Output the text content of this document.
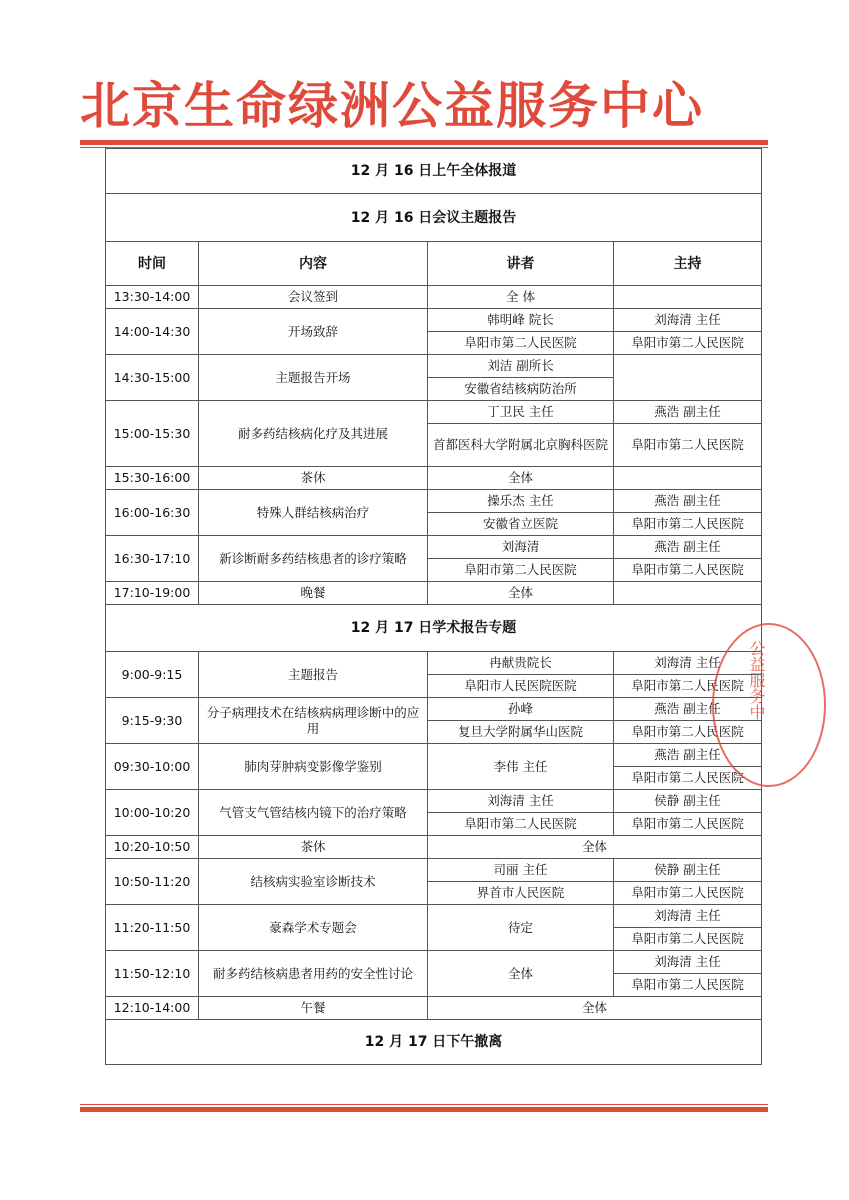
北京生命绿洲公益服务中心
12 月 16 日上午全体报道			
12 月 16 日会议主题报告			
时间	内容	讲者	主持
13:30-14:00	会议签到	全 体	
14:00-14:30	开场致辞	韩明峰 院长	刘海清 主任
		阜阳市第二人民医院	阜阳市第二人民医院
14:30-15:00	主题报告开场	刘洁 副所长	
		安徽省结核病防治所	
15:00-15:30	耐多药结核病化疗及其进展	丁卫民 主任	燕浩 副主任
		首都医科大学附属北京胸科医院	阜阳市第二人民医院
15:30-16:00	茶休	全体	
16:00-16:30	特殊人群结核病治疗	操乐杰 主任	燕浩 副主任
		安徽省立医院	阜阳市第二人民医院
16:30-17:10	新诊断耐多药结核患者的诊疗策略	刘海清	燕浩 副主任
		阜阳市第二人民医院	阜阳市第二人民医院
17:10-19:00	晚餐	全体	
12 月 17 日学术报告专题			
9:00-9:15	主题报告	冉献贵院长	刘海清 主任
		阜阳市人民医院医院	阜阳市第二人民医院
9:15-9:30	分子病理技术在结核病病理诊断中的应用	孙峰	燕浩 副主任
		复旦大学附属华山医院	阜阳市第二人民医院
09:30-10:00	肺肉芽肿病变影像学鉴别	李伟 主任	燕浩 副主任
			阜阳市第二人民医院
10:00-10:20	气管支气管结核内镜下的治疗策略	刘海清 主任	侯静 副主任
		阜阳市第二人民医院	阜阳市第二人民医院
10:20-10:50	茶休	全体	
10:50-11:20	结核病实验室诊断技术	司丽 主任	侯静 副主任
		界首市人民医院	阜阳市第二人民医院
11:20-11:50	豪森学术专题会	待定	刘海清 主任
			阜阳市第二人民医院
11:50-12:10	耐多药结核病患者用药的安全性讨论	全体	刘海清 主任
			阜阳市第二人民医院
12:10-14:00	午餐	全体	
12 月 17 日下午撤离			
公益服务中
